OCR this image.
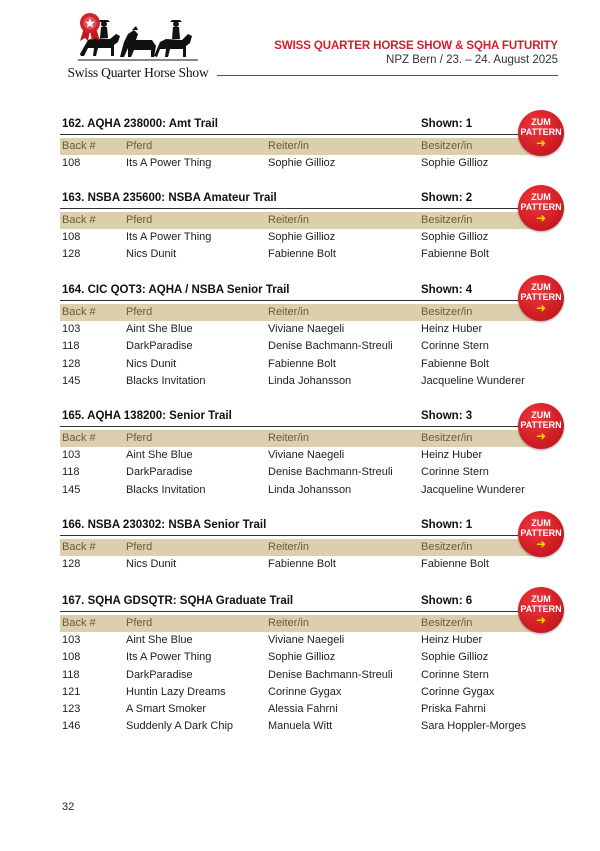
Swiss Quarter Horse Show
SWISS QUARTER HORSE SHOW & SQHA FUTURITY
NPZ Bern / 23. – 24. August 2025
162. AQHA 238000: Amt Trail	Shown: 1
Back #	Pferd	Reiter/in	Besitzer/in
108	Its A Power Thing	Sophie Gillioz	Sophie Gillioz
ZUM
PATTERN
➜
163. NSBA 235600: NSBA Amateur Trail	Shown: 2
Back #	Pferd	Reiter/in	Besitzer/in
108	Its A Power Thing	Sophie Gillioz	Sophie Gillioz
128	Nics Dunit	Fabienne Bolt	Fabienne Bolt
ZUM
PATTERN
➜
164. CIC QOT3: AQHA / NSBA Senior Trail	Shown: 4
Back #	Pferd	Reiter/in	Besitzer/in
103	Aint She Blue	Viviane Naegeli	Heinz Huber
118	DarkParadise	Denise Bachmann-Streuli	Corinne Stern
128	Nics Dunit	Fabienne Bolt	Fabienne Bolt
145	Blacks Invitation	Linda Johansson	Jacqueline Wunderer
ZUM
PATTERN
➜
165. AQHA 138200: Senior Trail	Shown: 3
Back #	Pferd	Reiter/in	Besitzer/in
103	Aint She Blue	Viviane Naegeli	Heinz Huber
118	DarkParadise	Denise Bachmann-Streuli	Corinne Stern
145	Blacks Invitation	Linda Johansson	Jacqueline Wunderer
ZUM
PATTERN
➜
166. NSBA 230302: NSBA Senior Trail	Shown: 1
Back #	Pferd	Reiter/in	Besitzer/in
128	Nics Dunit	Fabienne Bolt	Fabienne Bolt
ZUM
PATTERN
➜
167. SQHA GDSQTR: SQHA Graduate Trail	Shown: 6
Back #	Pferd	Reiter/in	Besitzer/in
103	Aint She Blue	Viviane Naegeli	Heinz Huber
108	Its A Power Thing	Sophie Gillioz	Sophie Gillioz
118	DarkParadise	Denise Bachmann-Streuli	Corinne Stern
121	Huntin Lazy Dreams	Corinne Gygax	Corinne Gygax
123	A Smart Smoker	Alessia Fahrni	Priska Fahrni
146	Suddenly A Dark Chip	Manuela Witt	Sara Hoppler-Morges
ZUM
PATTERN
➜
32
